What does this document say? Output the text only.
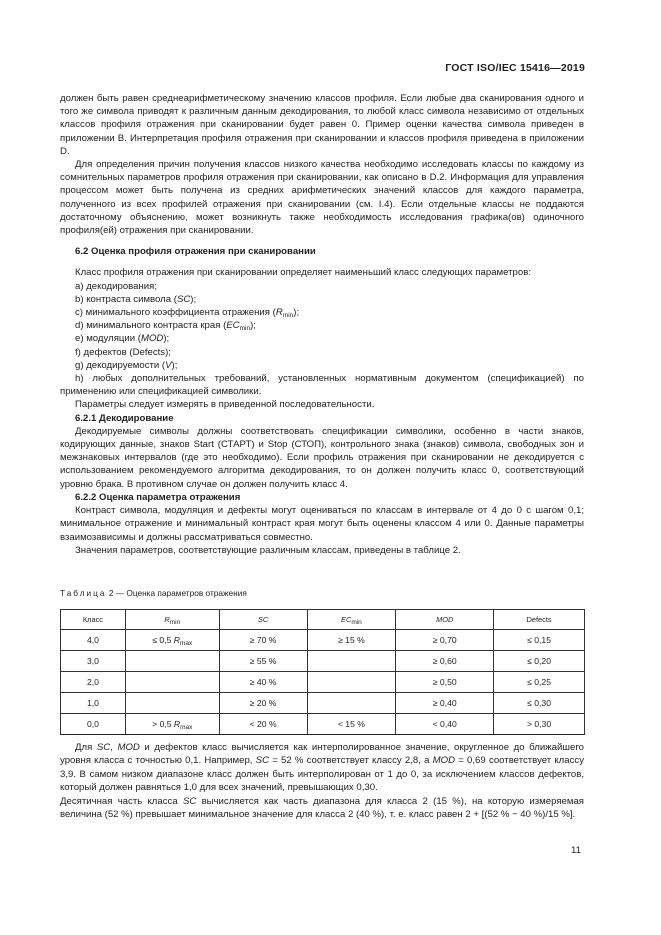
ГОСТ ISO/IEC 15416—2019

должен быть равен среднеарифметическому значению классов профиля. Если любые два сканирования одного и того же символа приводят к различным данным декодирования, то любой класс символа независимо от отдельных классов профиля отражения при сканировании будет равен 0. Пример оценки качества символа приведен в приложении В. Интерпретация профиля отражения при сканировании и классов профиля приведена в приложении D.

Для определения причин получения классов низкого качества необходимо исследовать классы по каждому из сомнительных параметров профиля отражения при сканировании, как описано в D.2. Информация для управления процессом может быть получена из средних арифметических значений классов для каждого параметра, полученного из всех профилей отражения при сканировании (см. I.4). Если отдельные классы не поддаются достаточному объяснению, может возникнуть также необходимость исследования графика(ов) одиночного профиля(ей) отражения при сканировании.

6.2 Оценка профиля отражения при сканировании

Класс профиля отражения при сканировании определяет наименьший класс следующих параметров:

a) декодирования;

b) контраста символа (SC);

c) минимального коэффициента отражения $(R_{min})$;

d) минимального контраста края $(EC_{min})$;

e) модуляции (MOD);

f) дефектов (Defects);

g) декодируемости (V);

h) любых дополнительных требований, установленных нормативным документом (спецификацией) по применению или спецификацией символики.

Параметры следует измерять в приведенной последовательности.

6.2.1 Декодирование

Декодируемые символы должны соответствовать спецификации символики, особенно в части знаков, кодирующих данные, знаков Start (СТАРТ) и Stop (СТОП), контрольного знака (знаков) символа, свободных зон и межзнаковых интервалов (где это необходимо). Если профиль отражения при сканировании не декодируется с использованием рекомендуемого алгоритма декодирования, то он должен получить класс 0, соответствующий уровню брака. В противном случае он должен получить класс 4.

6.2.2 Оценка параметра отражения

Контраст символа, модуляция и дефекты могут оцениваться по классам в интервале от 4 до 0 с шагом 0,1; минимальное отражение и минимальный контраст края могут быть оценены классом 4 или 0. Данные параметры взаимозависимы и должны рассматриваться совместно.

Значения параметров, соответствующие различным классам, приведены в таблице 2.

Таблица 2 — Оценка параметров отражения
Класс	$R_{min}$	SC	$EC_{min}$	MOD	Defects
4,0	≤ 0,5 $R_{max}$	≥ 70 %	≥ 15 %	≥ 0,70	≤ 0,15
3,0		≥ 55 %		≥ 0,60	≤ 0,20
2,0		≥ 40 %		≥ 0,50	≤ 0,25
1,0		≥ 20 %		≥ 0,40	≤ 0,30
0,0	> 0,5 $R_{max}$	< 20 %	< 15 %	< 0,40	> 0,30

Для SC, MOD и дефектов класс вычисляется как интерполированное значение, округленное до ближайшего уровня класса с точностью 0,1. Например, SC = 52 % соответствует классу 2,8, а MOD = 0,69 соответствует классу 3,9. В самом низком диапазоне класс должен быть интерполирован от 1 до 0, за исключением классов дефектов, который должен равняться 1,0 для всех значений, превышающих 0,30.

Десятичная часть класса SC вычисляется как часть диапазона для класса 2 (15 %), на которую измеряемая величина (52 %) превышает минимальное значение для класса 2 (40 %), т. е. класс равен 2 + [(52 % − 40 %)/15 %].

11
